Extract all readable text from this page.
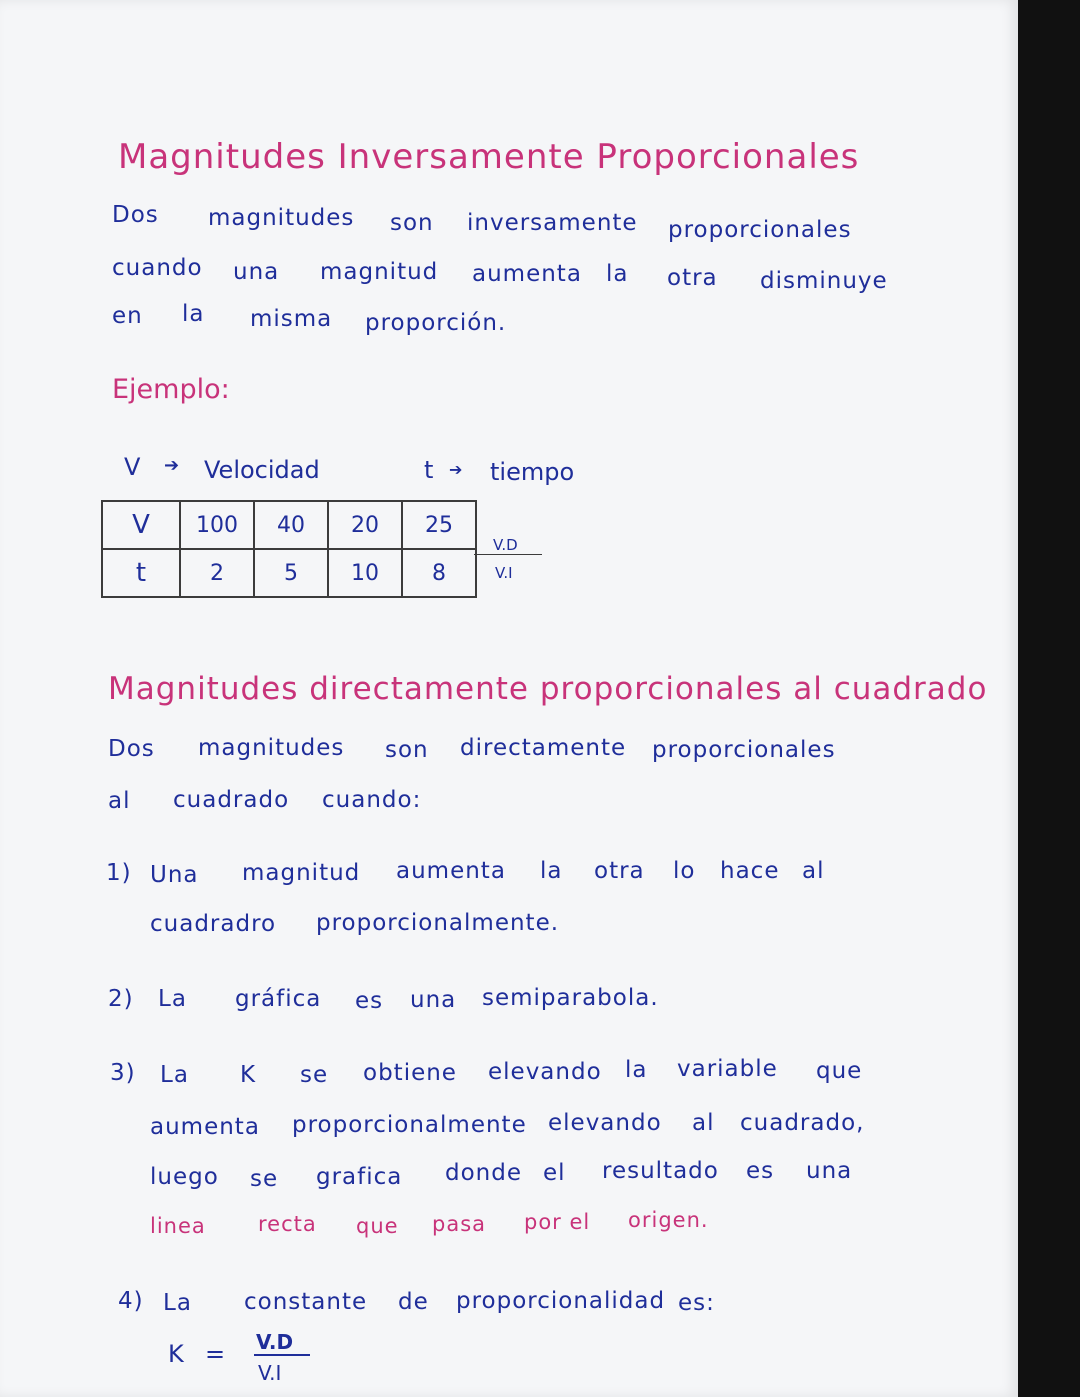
Magnitudes Inversamente Proporcionales
Dos magnitudes son inversamente proporcionales
cuando una magnitud aumenta la otra disminuye
en la misma proporción.
Ejemplo:
V ➔ Velocidad	t ➔ tiempo
V	100	40	20	25
t	2	5	10	8
V.D
V.I
Magnitudes directamente proporcionales al cuadrado
Dos magnitudes son directamente proporcionales
al cuadrado cuando:
1) Una magnitud aumenta la otra lo hace al
cuadradro proporcionalmente.
2) La gráfica es una semiparabola.
3) La K se obtiene elevando la variable que
aumenta proporcionalmente elevando al cuadrado,
luego se grafica donde el resultado es una
linea recta que pasa por el origen.
4) La constante de proporcionalidad es:
K = V.D
V.I
